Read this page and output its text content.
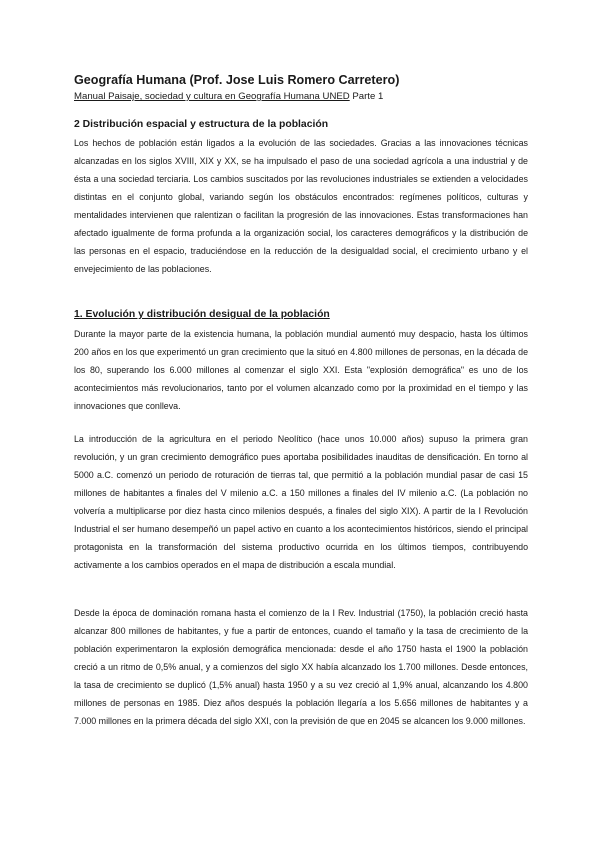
Geografía Humana (Prof. Jose Luis Romero Carretero)
Manual Paisaje, sociedad y cultura en Geografía Humana UNED Parte 1
2 Distribución espacial y estructura de la población

Los hechos de población están ligados a la evolución de las sociedades. Gracias a las innovaciones técnicas alcanzadas en los siglos XVIII, XIX y XX, se ha impulsado el paso de una sociedad agrícola a una industrial y de ésta a una sociedad terciaria. Los cambios suscitados por las revoluciones industriales se extienden a velocidades distintas en el conjunto global, variando según los obstáculos encontrados: regímenes políticos, culturas y mentalidades intervienen que ralentizan o facilitan la progresión de las innovaciones. Estas transformaciones han afectado igualmente de forma profunda a la organización social, los caracteres demográficos y la distribución de las personas en el espacio, traduciéndose en la reducción de la desigualdad social, el crecimiento urbano y el envejecimiento de las poblaciones.

1. Evolución y distribución desigual de la población

Durante la mayor parte de la existencia humana, la población mundial aumentó muy despacio, hasta los últimos 200 años en los que experimentó un gran crecimiento que la situó en 4.800 millones de personas, en la década de los 80, superando los 6.000 millones al comenzar el siglo XXI. Esta "explosión demográfica" es uno de los acontecimientos más revolucionarios, tanto por el volumen alcanzado como por la proximidad en el tiempo y las innovaciones que conlleva.

La introducción de la agricultura en el periodo Neolítico (hace unos 10.000 años) supuso la primera gran revolución, y un gran crecimiento demográfico pues aportaba posibilidades inauditas de densificación. En torno al 5000 a.C. comenzó un periodo de roturación de tierras tal, que permitió a la población mundial pasar de casi 15 millones de habitantes a finales del V milenio a.C. a 150 millones a finales del IV milenio a.C. (La población no volvería a multiplicarse por diez hasta cinco milenios después, a finales del siglo XIX). A partir de la I Revolución Industrial el ser humano desempeñó un papel activo en cuanto a los acontecimientos históricos, siendo el principal protagonista en la transformación del sistema productivo ocurrida en los últimos tiempos, contribuyendo activamente a los cambios operados en el mapa de distribución a escala mundial.

Desde la época de dominación romana hasta el comienzo de la I Rev. Industrial (1750), la población creció hasta alcanzar 800 millones de habitantes, y fue a partir de entonces, cuando el tamaño y la tasa de crecimiento de la población experimentaron la explosión demográfica mencionada: desde el año 1750 hasta el 1900 la población creció a un ritmo de 0,5% anual, y a comienzos del siglo XX había alcanzado los 1.700 millones. Desde entonces, la tasa de crecimiento se duplicó (1,5% anual) hasta 1950 y a su vez creció al 1,9% anual, alcanzando los 4.800 millones de personas en 1985. Diez años después la población llegaría a los 5.656 millones de habitantes y a 7.000 millones en la primera década del siglo XXI, con la previsión de que en 2045 se alcancen los 9.000 millones.
